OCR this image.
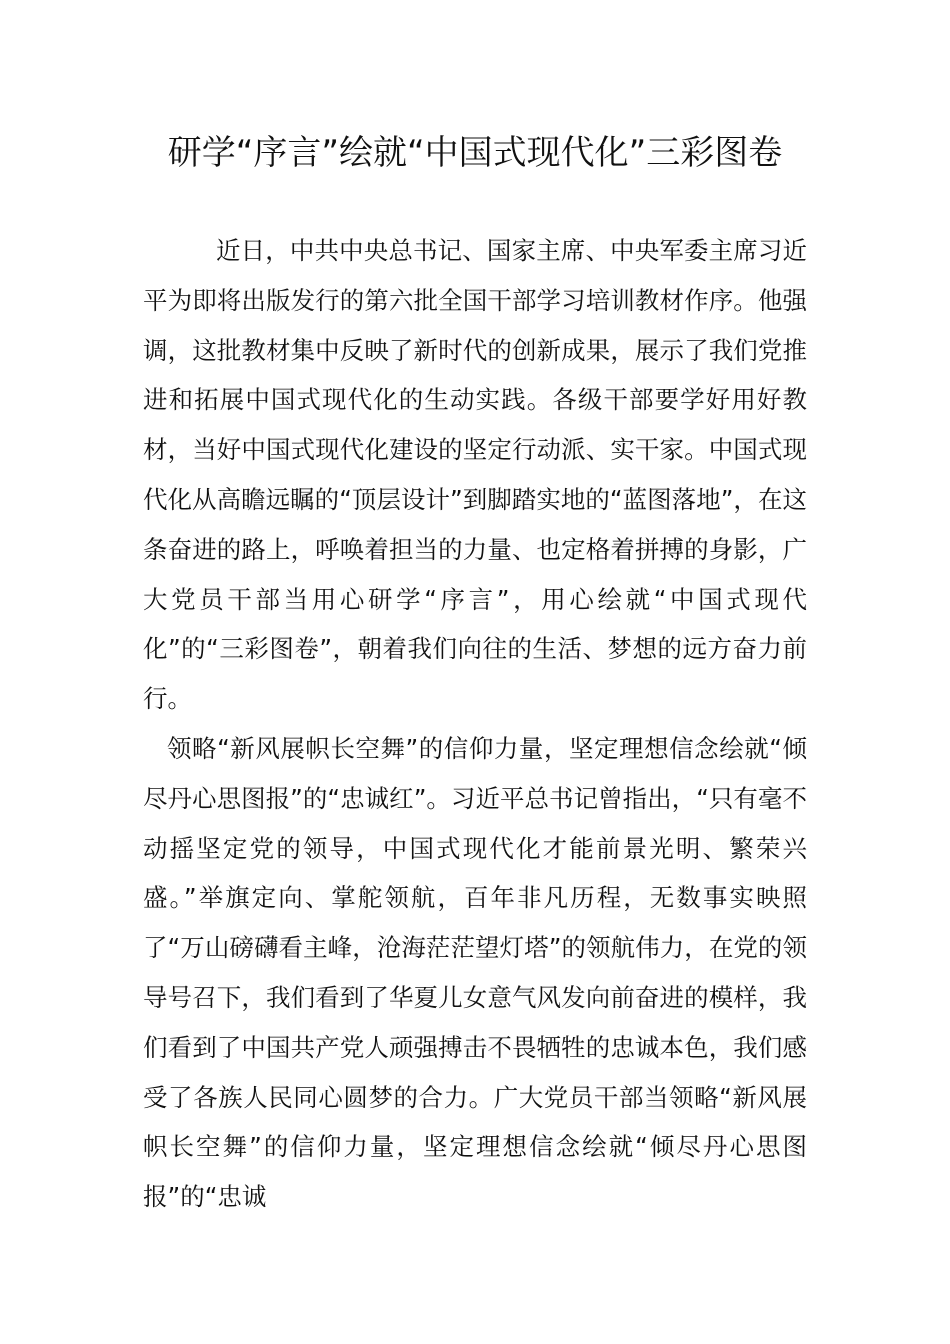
研学“序言”绘就“中国式现代化”三彩图卷

近日，中共中央总书记、国家主席、中央军委主席习近平为即将出版发行的第六批全国干部学习培训教材作序。他强调，这批教材集中反映了新时代的创新成果，展示了我们党推进和拓展中国式现代化的生动实践。各级干部要学好用好教材，当好中国式现代化建设的坚定行动派、实干家。中国式现代化从高瞻远瞩的“顶层设计”到脚踏实地的“蓝图落地”，在这条奋进的路上，呼唤着担当的力量、也定格着拼搏的身影，广大党员干部当用心研学“序言”，用心绘就“中国式现代化”的“三彩图卷”，朝着我们向往的生活、梦想的远方奋力前行。

领略“新风展帜长空舞”的信仰力量，坚定理想信念绘就“倾尽丹心思图报”的“忠诚红”。习近平总书记曾指出，“只有毫不动摇坚定党的领导，中国式现代化才能前景光明、繁荣兴盛。”举旗定向、掌舵领航，百年非凡历程，无数事实映照了“万山磅礴看主峰，沧海茫茫望灯塔”的领航伟力，在党的领导号召下，我们看到了华夏儿女意气风发向前奋进的模样，我们看到了中国共产党人顽强搏击不畏牺牲的忠诚本色，我们感受了各族人民同心圆梦的合力。广大党员干部当领略“新风展帜长空舞”的信仰力量，坚定理想信念绘就“倾尽丹心思图报”的“忠诚
